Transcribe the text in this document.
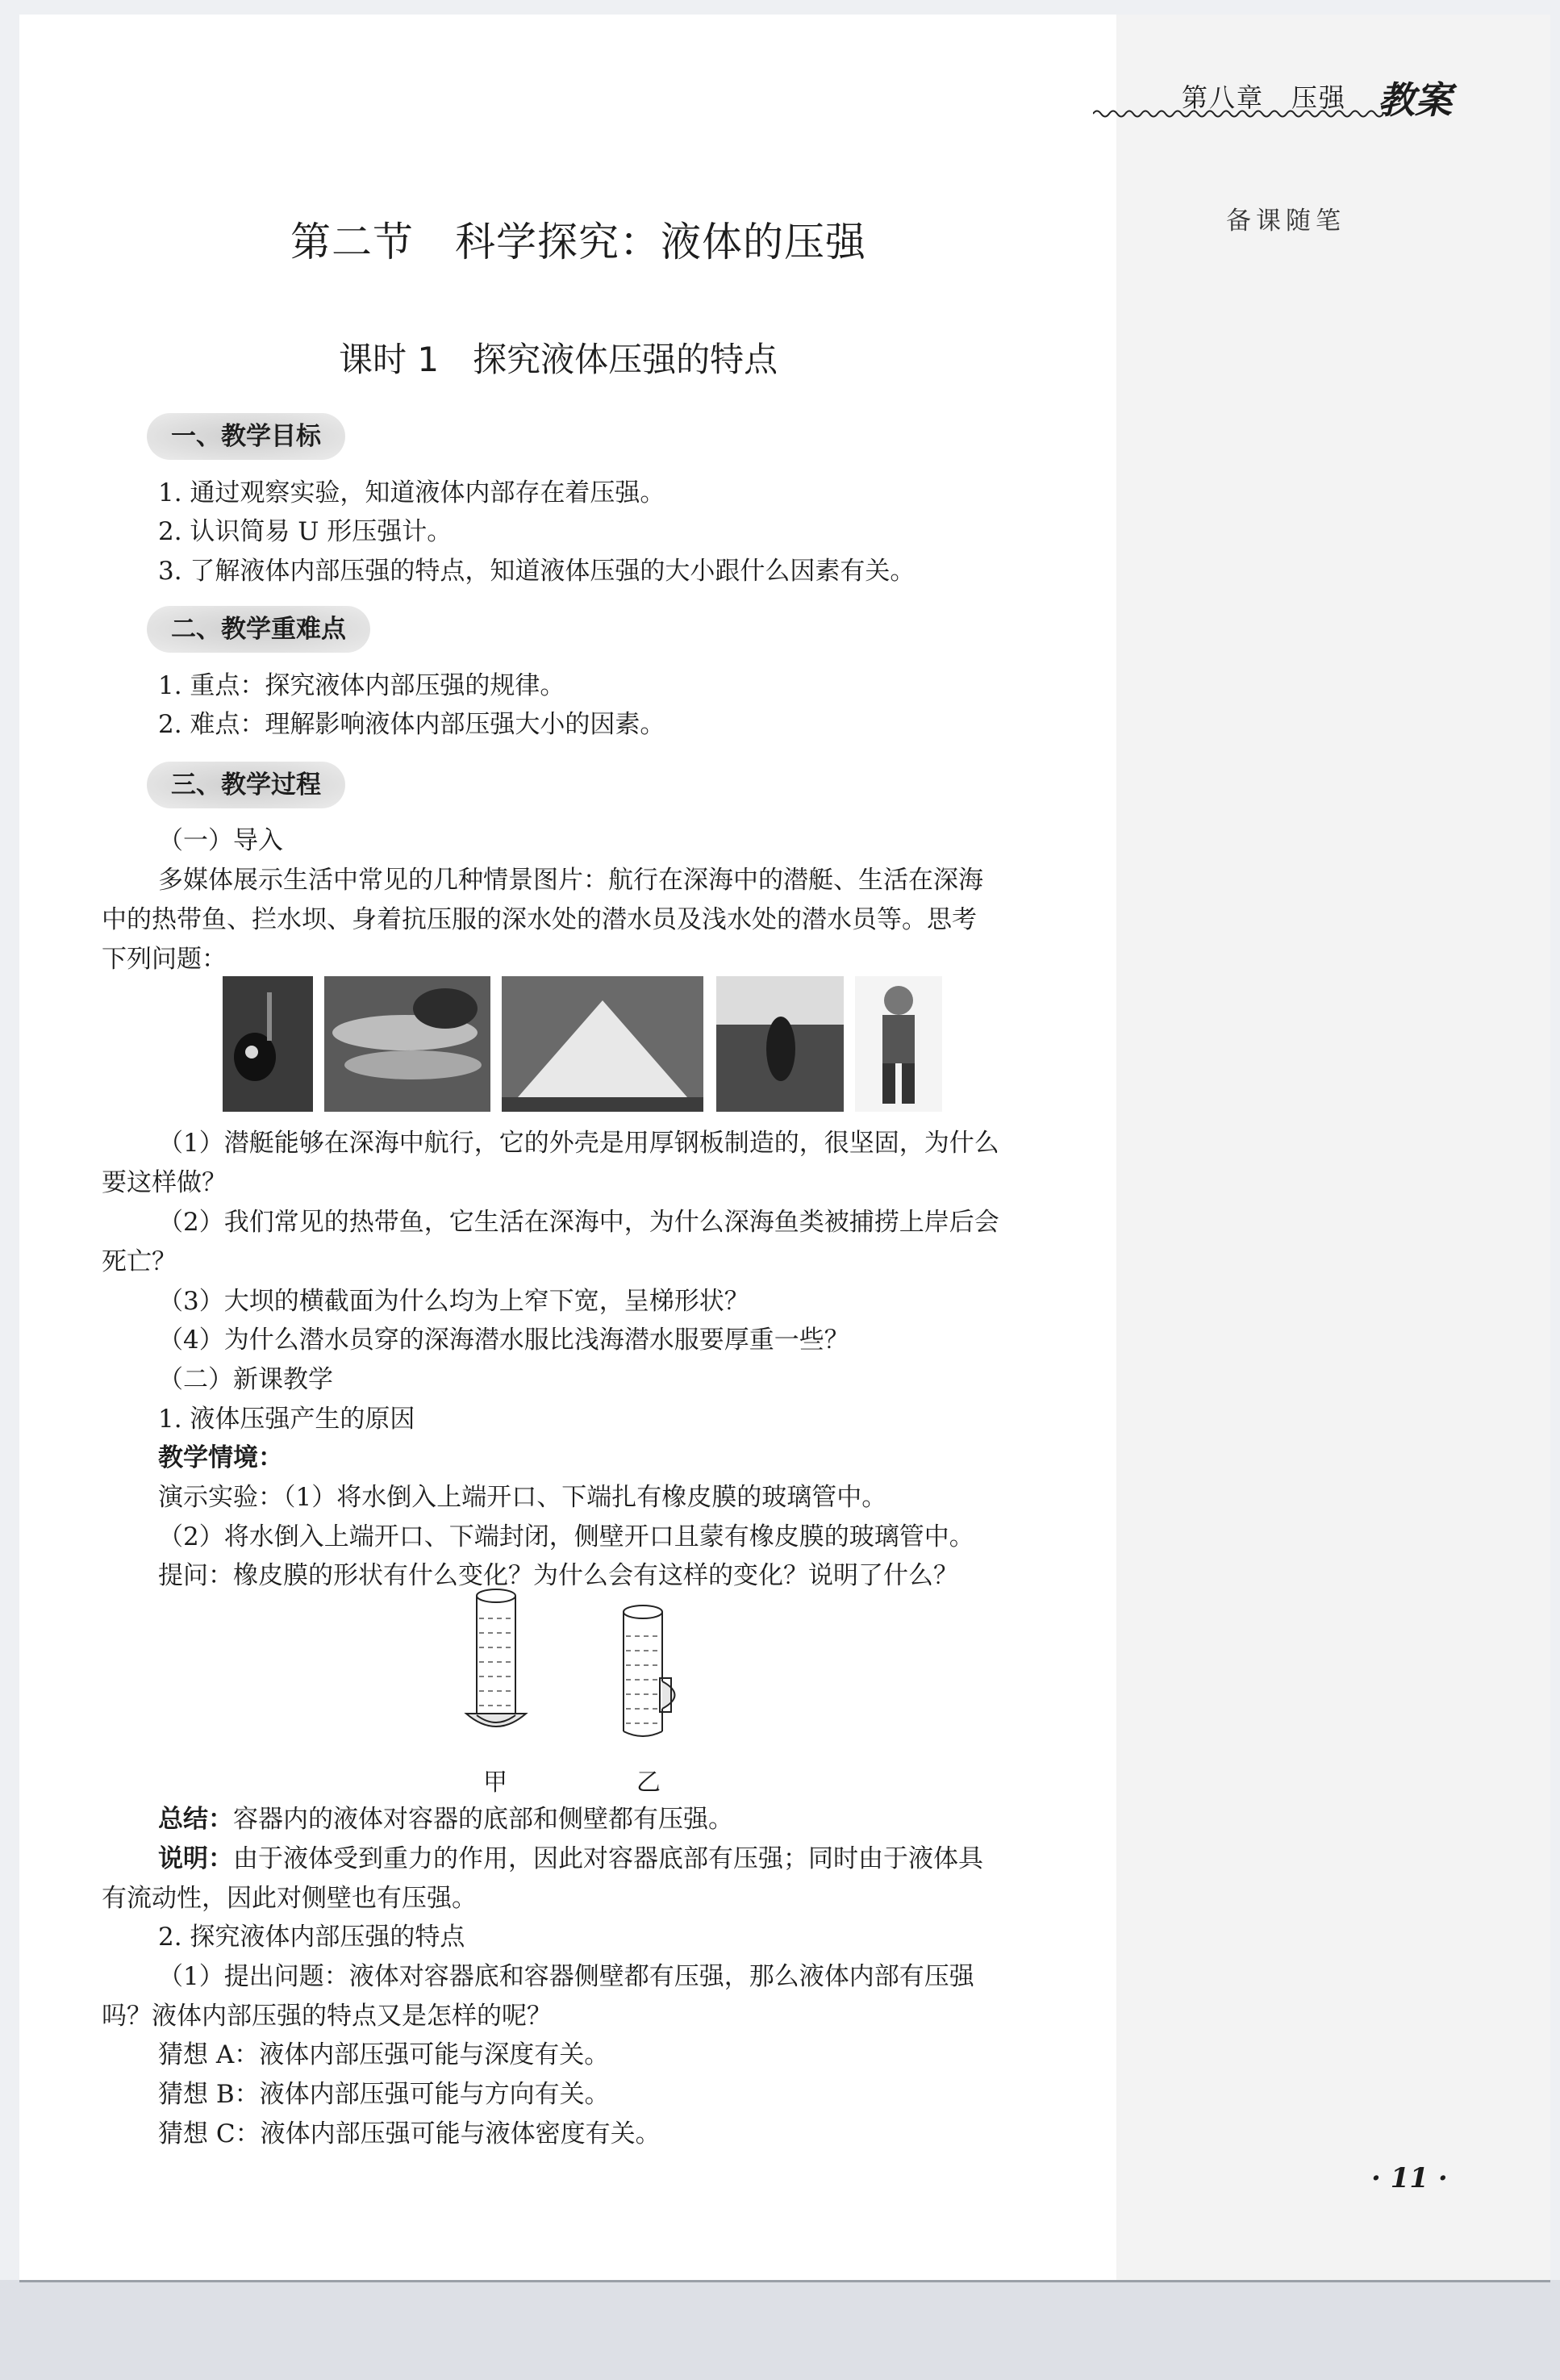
第八章　压强 教案
备课随笔
第二节　科学探究：液体的压强
课时 1　探究液体压强的特点
一、教学目标
1. 通过观察实验，知道液体内部存在着压强。
2. 认识简易 U 形压强计。
3. 了解液体内部压强的特点，知道液体压强的大小跟什么因素有关。
二、教学重难点
1. 重点：探究液体内部压强的规律。
2. 难点：理解影响液体内部压强大小的因素。
三、教学过程
（一）导入
多媒体展示生活中常见的几种情景图片：航行在深海中的潜艇、生活在深海
中的热带鱼、拦水坝、身着抗压服的深水处的潜水员及浅水处的潜水员等。思考
下列问题：
（1）潜艇能够在深海中航行，它的外壳是用厚钢板制造的，很坚固，为什么
要这样做？
（2）我们常见的热带鱼，它生活在深海中，为什么深海鱼类被捕捞上岸后会
死亡？
（3）大坝的横截面为什么均为上窄下宽，呈梯形状？
（4）为什么潜水员穿的深海潜水服比浅海潜水服要厚重一些？
（二）新课教学
1. 液体压强产生的原因
教学情境：
演示实验：（1）将水倒入上端开口、下端扎有橡皮膜的玻璃管中。
（2）将水倒入上端开口、下端封闭，侧壁开口且蒙有橡皮膜的玻璃管中。
提问：橡皮膜的形状有什么变化？为什么会有这样的变化？说明了什么？
甲	乙
总结：容器内的液体对容器的底部和侧壁都有压强。
说明：由于液体受到重力的作用，因此对容器底部有压强；同时由于液体具
有流动性，因此对侧壁也有压强。
2. 探究液体内部压强的特点
（1）提出问题：液体对容器底和容器侧壁都有压强，那么液体内部有压强
吗？液体内部压强的特点又是怎样的呢？
猜想 A：液体内部压强可能与深度有关。
猜想 B：液体内部压强可能与方向有关。
猜想 C：液体内部压强可能与液体密度有关。
· 11 ·
